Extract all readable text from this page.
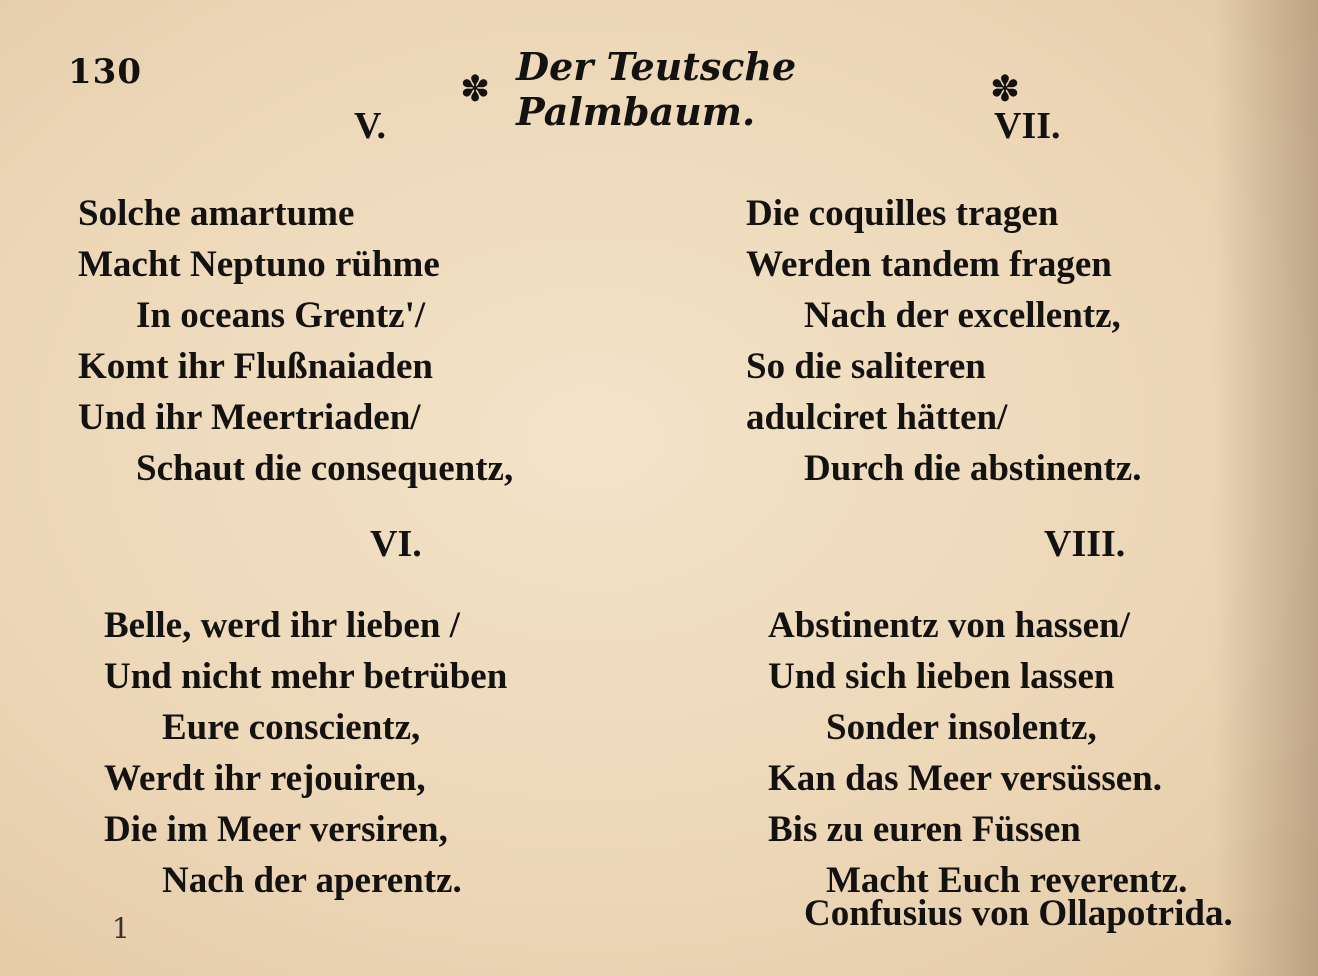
130	✽ Der Teutsche Palmbaum.	✽
V.
Solche amartume
Macht Neptuno rühme
In oceans Grentz'/
Komt ihr Flußnaiaden
Und ihr Meertriaden/
Schaut die consequentz,
VII.
Die coquilles tragen
Werden tandem fragen
Nach der excellentz,
So die saliteren
adulciret hätten/
Durch die abstinentz.
VI.
Belle, werd ihr lieben /
Und nicht mehr betrüben
Eure conscientz,
Werdt ihr rejouiren,
Die im Meer versiren,
Nach der aperentz.
VIII.
Abstinentz von hassen/
Und sich lieben lassen
Sonder insolentz,
Kan das Meer versüssen.
Bis zu euren Füssen
Macht Euch reverentz.
Confusius von Ollapotrida.
1
